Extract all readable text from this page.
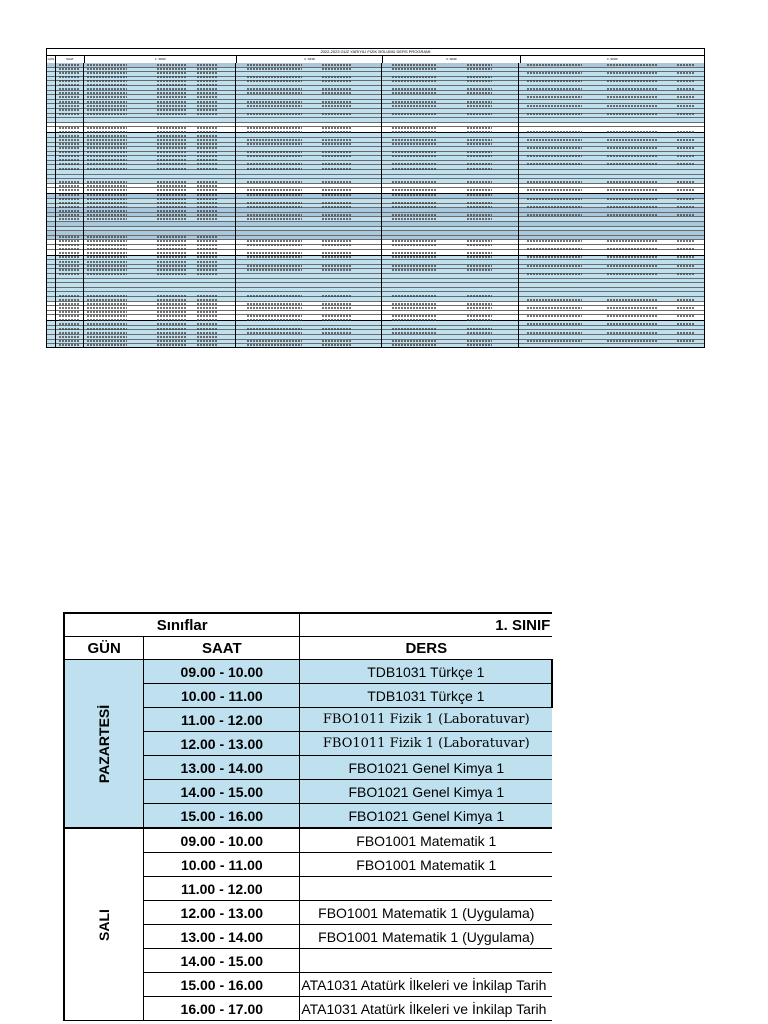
2022-2023 GÜZ YARIYILI FİZİK BÖLÜMÜ DERS PROGRAMI
GÜN	SAAT	1. SINIF	2. SINIF	3. SINIF	4. SINIF
Sınıflar		1. SINIF
GÜN	SAAT	DERS
PAZARTESİ	09.00 - 10.00	TDB1031 Türkçe 1
	10.00 - 11.00	TDB1031 Türkçe 1
	11.00 - 12.00	FBO1011 Fizik 1 (Laboratuvar)
	12.00 - 13.00	FBO1011 Fizik 1 (Laboratuvar)
	13.00 - 14.00	FBO1021 Genel Kimya 1
	14.00 - 15.00	FBO1021 Genel Kimya 1
	15.00 - 16.00	FBO1021 Genel Kimya 1
SALI	09.00 - 10.00	FBO1001 Matematik 1
	10.00 - 11.00	FBO1001 Matematik 1
	11.00 - 12.00	
	12.00 - 13.00	FBO1001 Matematik 1 (Uygulama)
	13.00 - 14.00	FBO1001 Matematik 1 (Uygulama)
	14.00 - 15.00	
	15.00 - 16.00	ATA1031 Atatürk İlkeleri ve İnkilap Tarih
	16.00 - 17.00	ATA1031 Atatürk İlkeleri ve İnkilap Tarih
